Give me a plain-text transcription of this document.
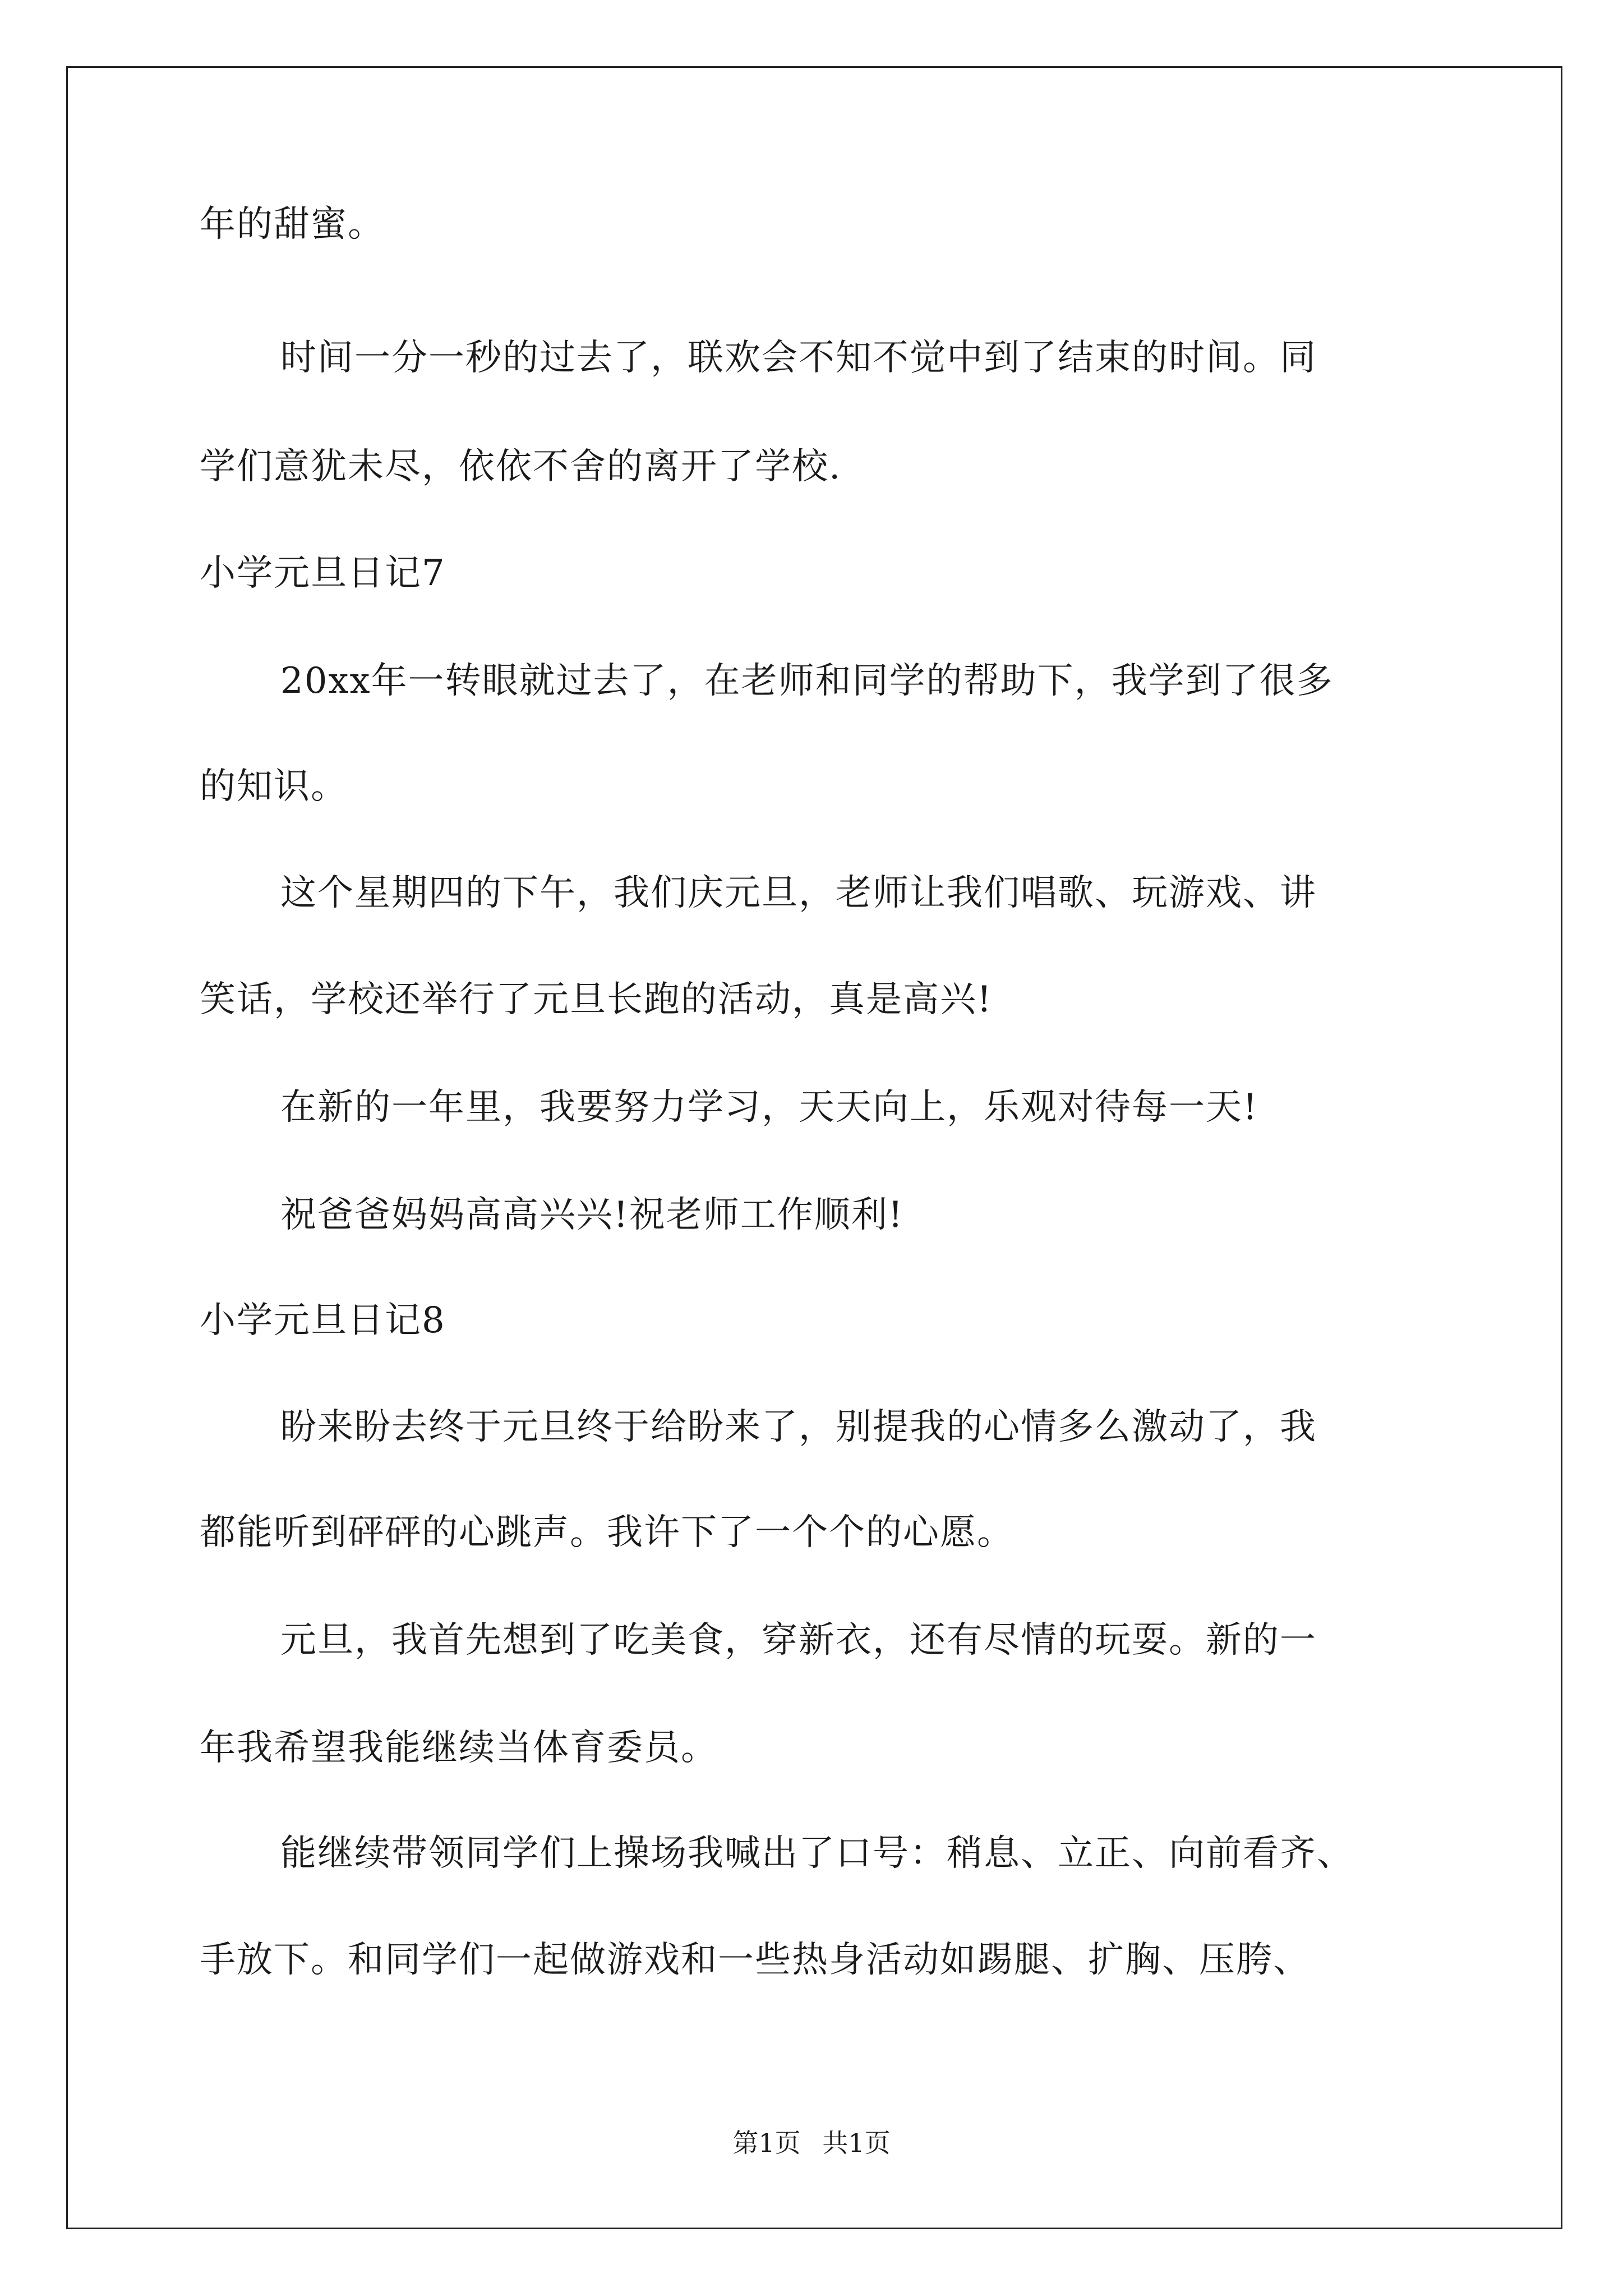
年的甜蜜。
时间一分一秒的过去了，联欢会不知不觉中到了结束的时间。同
学们意犹未尽，依依不舍的离开了学校.
小学元旦日记7
20xx年一转眼就过去了，在老师和同学的帮助下，我学到了很多
的知识。
这个星期四的下午，我们庆元旦，老师让我们唱歌、玩游戏、讲
笑话，学校还举行了元旦长跑的活动，真是高兴!
在新的一年里，我要努力学习，天天向上，乐观对待每一天!
祝爸爸妈妈高高兴兴!祝老师工作顺利!
小学元旦日记8
盼来盼去终于元旦终于给盼来了，别提我的心情多么激动了，我
都能听到砰砰的心跳声。我许下了一个个的心愿。
元旦，我首先想到了吃美食，穿新衣，还有尽情的玩耍。新的一
年我希望我能继续当体育委员。
能继续带领同学们上操场我喊出了口号：稍息、立正、向前看齐、
手放下。和同学们一起做游戏和一些热身活动如踢腿、扩胸、压胯、
第1页 共1页
